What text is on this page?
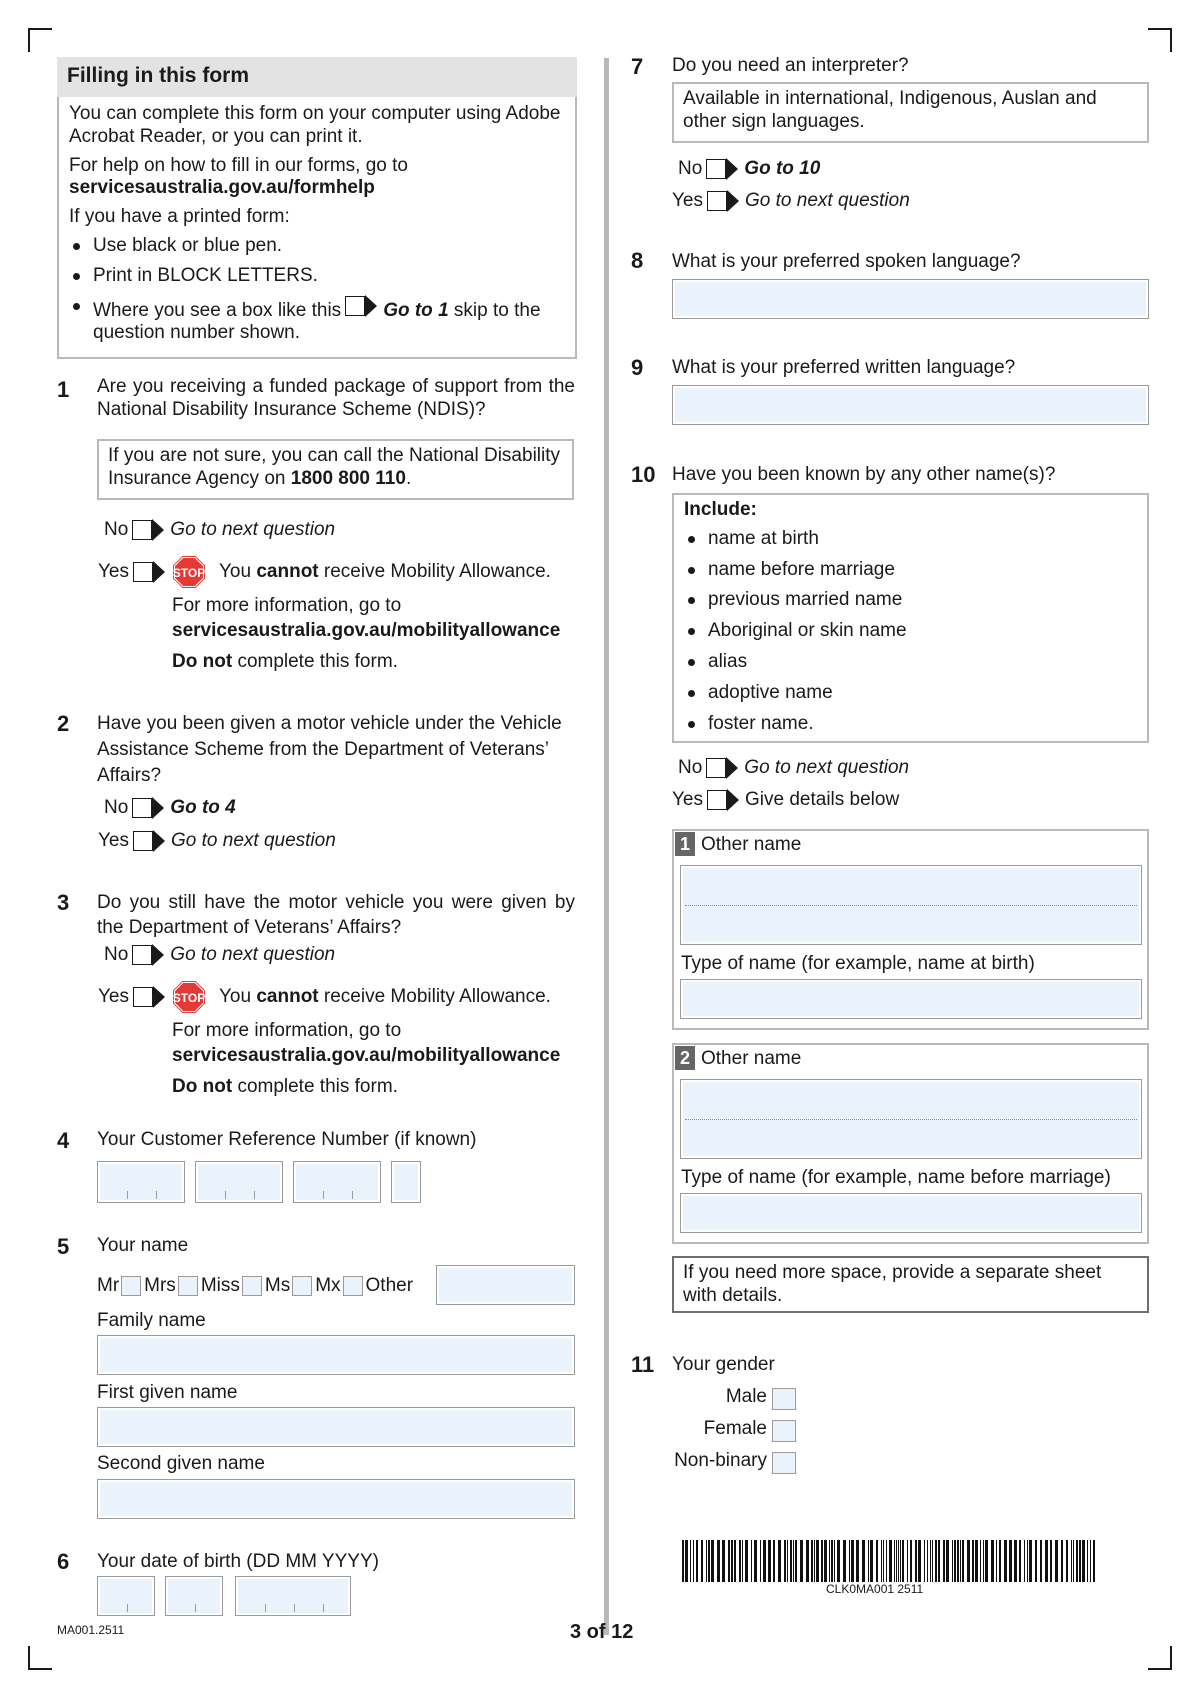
Filling in this form

You can complete this form on your computer using Adobe Acrobat Reader, or you can print it.

For help on how to fill in our forms, go to
servicesaustralia.gov.au/formhelp

If you have a printed form:

Use black or blue pen.
Print in BLOCK LETTERS.
Where you see a box like this Go to 1 skip to the
question number shown.
1 Are you receiving a funded package of support from the National Disability Insurance Scheme (NDIS)?
If you are not sure, you can call the National Disability Insurance Agency on 1800 800 110.
No Go to next question
Yes	STOP You cannot receive Mobility Allowance.
For more information, go to
servicesaustralia.gov.au/mobilityallowance
Do not complete this form.
2 Have you been given a motor vehicle under the Vehicle Assistance Scheme from the Department of Veterans’ Affairs?
No Go to 4
Yes Go to next question
3 Do you still have the motor vehicle you were given by the Department of Veterans’ Affairs?
No Go to next question
Yes	STOP You cannot receive Mobility Allowance.
For more information, go to
servicesaustralia.gov.au/mobilityallowance
Do not complete this form.
4 Your Customer Reference Number (if known)
5 Your name
Mr Mrs Miss Ms Mx Other
Family name
First given name
Second given name
6 Your date of birth (DD MM YYYY)
7 Do you need an interpreter?
Available in international, Indigenous, Auslan and other sign languages.
No Go to 10
Yes Go to next question
8 What is your preferred spoken language?
9 What is your preferred written language?
10 Have you been known by any other name(s)?
Include:
name at birth
name before marriage
previous married name
Aboriginal or skin name
alias
adoptive name
foster name.
No Go to next question
Yes Give details below
1 Other name
Type of name (for example, name at birth)
2 Other name
Type of name (for example, name before marriage)
If you need more space, provide a separate sheet with details.
11 Your gender
Male
Female
Non-binary
CLK0MA001 2511
MA001.2511	3 of 12
